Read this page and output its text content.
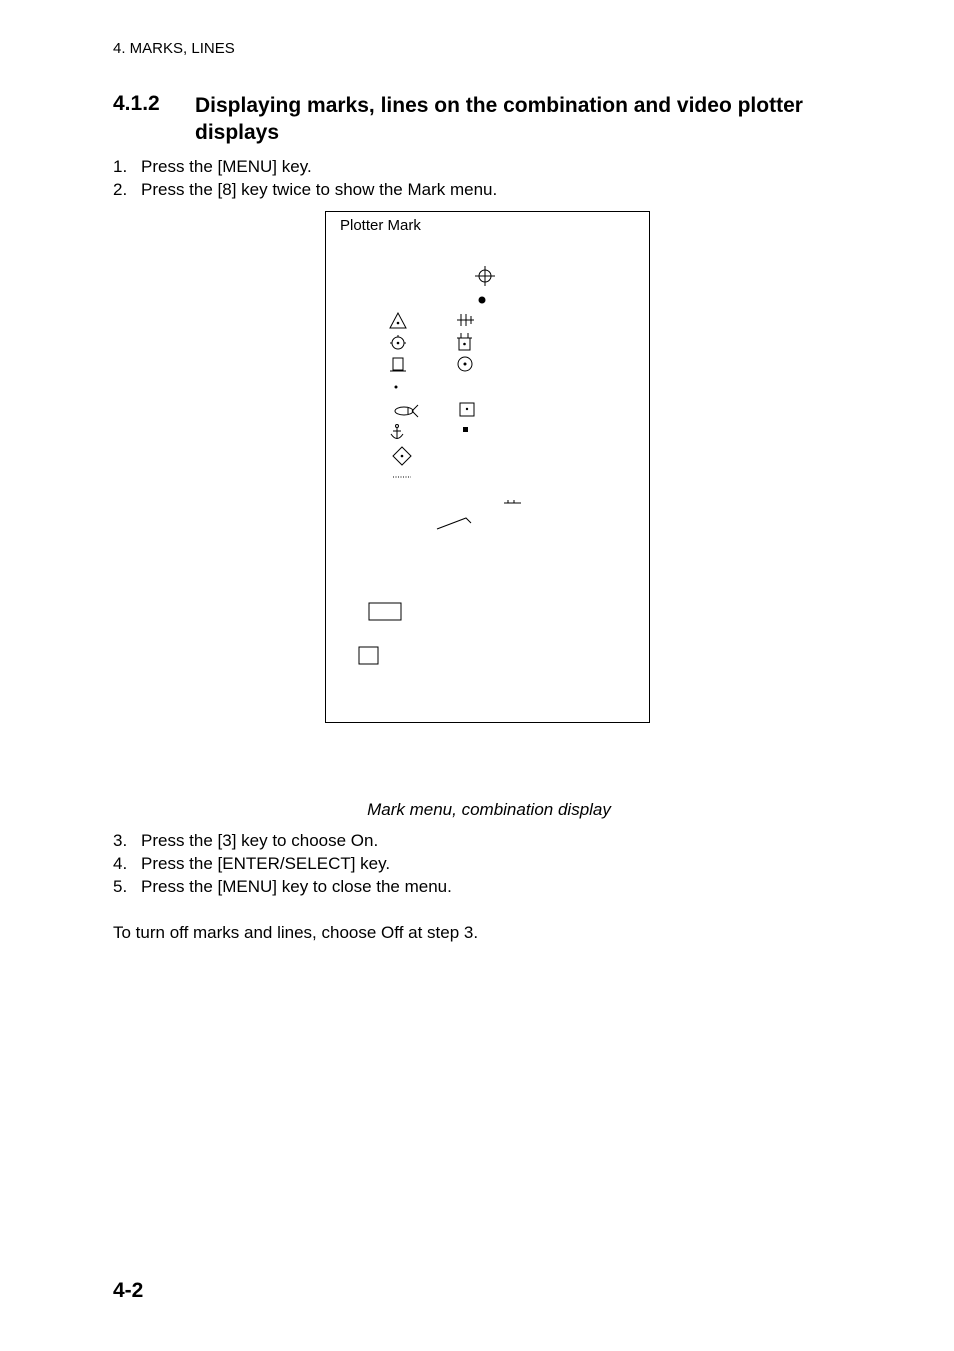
4. MARKS, LINES
4.1.2 Displaying marks, lines on the combination and video plotter displays
1. Press the [MENU] key.
2. Press the [8] key twice to show the Mark menu.
Plotter Mark
Mark menu, combination display
3. Press the [3] key to choose On.
4. Press the [ENTER/SELECT] key.
5. Press the [MENU] key to close the menu.
To turn off marks and lines, choose Off at step 3.
4-2
